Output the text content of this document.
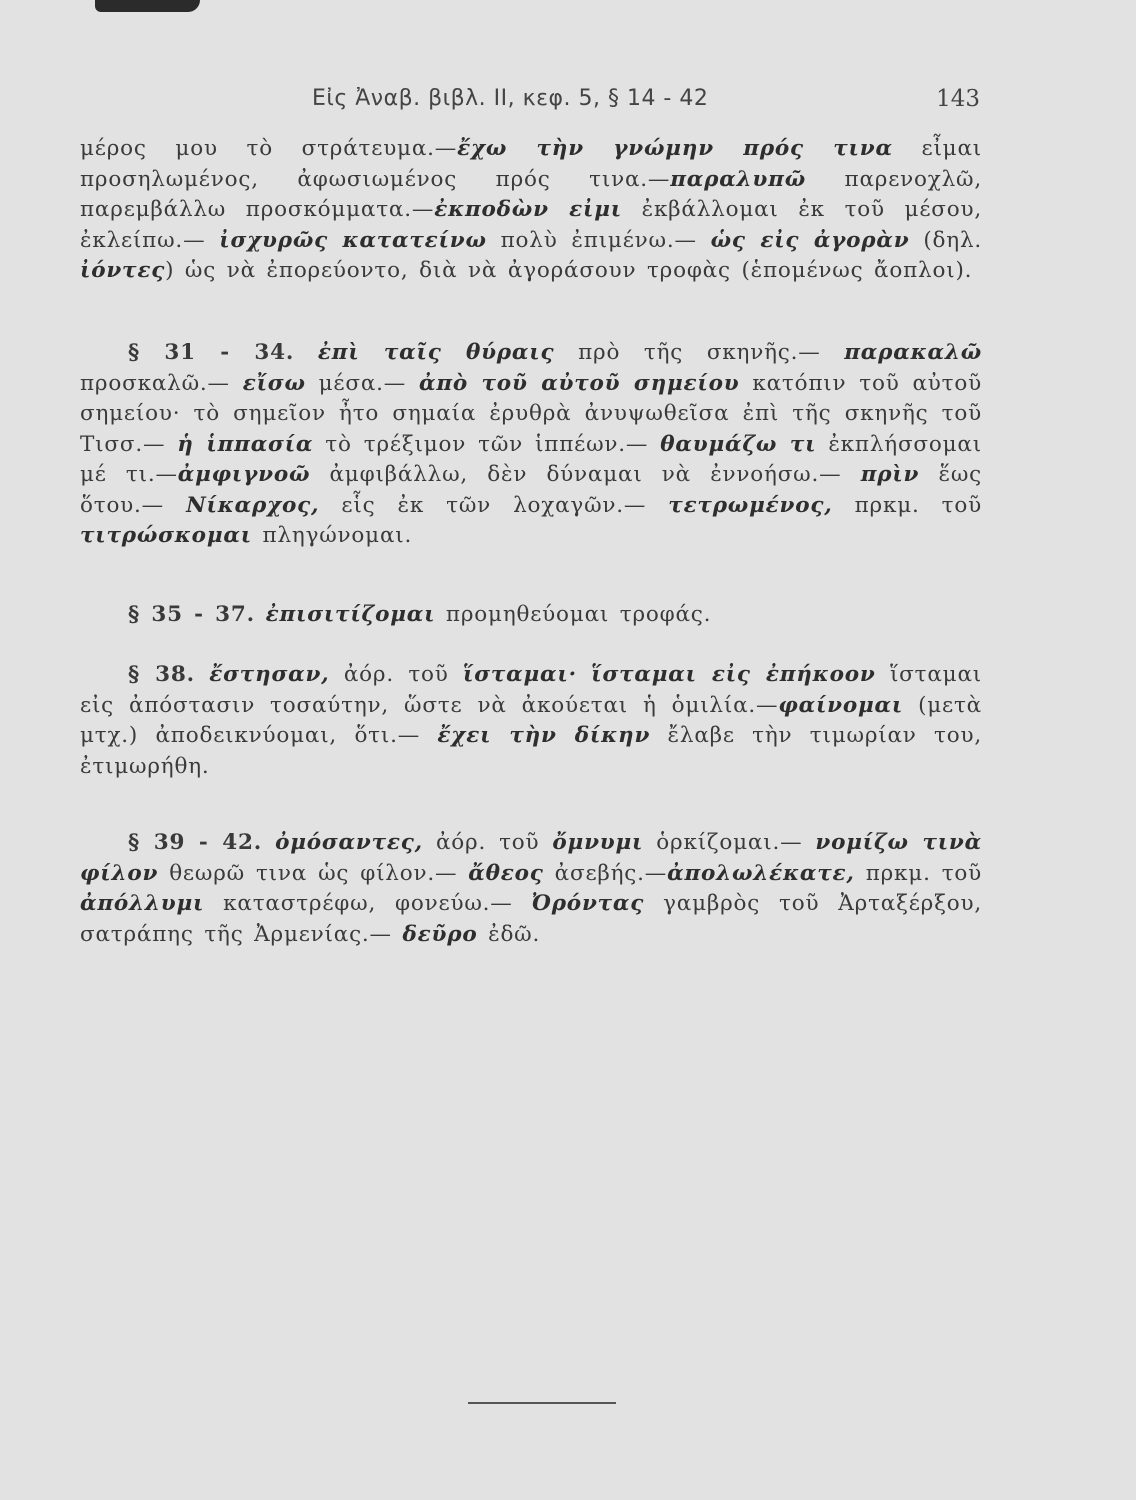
Εἰς Ἀναβ. βιβλ. II, κεφ. 5, § 14 - 42	143

μέρος μου τὸ στράτευμα.—ἔχω τὴν γνώμην πρός τινα εἶμαι προσηλωμένος, ἀφωσιωμένος πρός τινα.—παραλυπῶ παρενοχλῶ, παρεμβάλλω προσκόμματα.—ἐκποδὼν εἰμι ἐκβάλλομαι ἐκ τοῦ μέσου, ἐκλείπω.— ἰσχυρῶς κατατείνω πολὺ ἐπιμένω.— ὡς εἰς ἀγορὰν (δηλ. ἰόντες) ὡς νὰ ἐπορεύοντο, διὰ νὰ ἀγοράσουν τροφὰς (ἑπομένως ἄοπλοι).

§ 31 - 34. ἐπὶ ταῖς θύραις πρὸ τῆς σκηνῆς.— παρακαλῶ προσκαλῶ.— εἴσω μέσα.— ἀπὸ τοῦ αὐτοῦ σημείου κατόπιν τοῦ αὐτοῦ σημείου· τὸ σημεῖον ἦτο σημαία ἐρυθρὰ ἀνυψωθεῖσα ἐπὶ τῆς σκηνῆς τοῦ Τισσ.— ἡ ἱππασία τὸ τρέξιμον τῶν ἱππέων.— θαυμάζω τι ἐκπλήσσομαι μέ τι.—ἀμφιγνοῶ ἀμφιβάλλω, δὲν δύναμαι νὰ ἐννοήσω.— πρὶν ἕως ὅτου.— Νίκαρχος, εἷς ἐκ τῶν λοχαγῶν.— τετρωμένος, πρκμ. τοῦ τιτρώσκομαι πληγώνομαι.

§ 35 - 37. ἐπισιτίζομαι προμηθεύομαι τροφάς.

§ 38. ἔστησαν, ἀόρ. τοῦ ἵσταμαι· ἵσταμαι εἰς ἐπήκοον ἵσταμαι εἰς ἀπόστασιν τοσαύτην, ὥστε νὰ ἀκούεται ἡ ὁμιλία.—φαίνομαι (μετὰ μτχ.) ἀποδεικνύομαι, ὅτι.— ἔχει τὴν δίκην ἔλαβε τὴν τιμωρίαν του, ἐτιμωρήθη.

§ 39 - 42. ὀμόσαντες, ἀόρ. τοῦ ὄμνυμι ὁρκίζομαι.— νομίζω τινὰ φίλον θεωρῶ τινα ὡς φίλον.— ἄθεος ἀσεβής.—ἀπολωλέκατε, πρκμ. τοῦ ἀπόλλυμι καταστρέφω, φονεύω.— Ὀρόντας γαμβρὸς τοῦ Ἀρταξέρξου, σατράπης τῆς Ἀρμενίας.— δεῦρο ἐδῶ.
